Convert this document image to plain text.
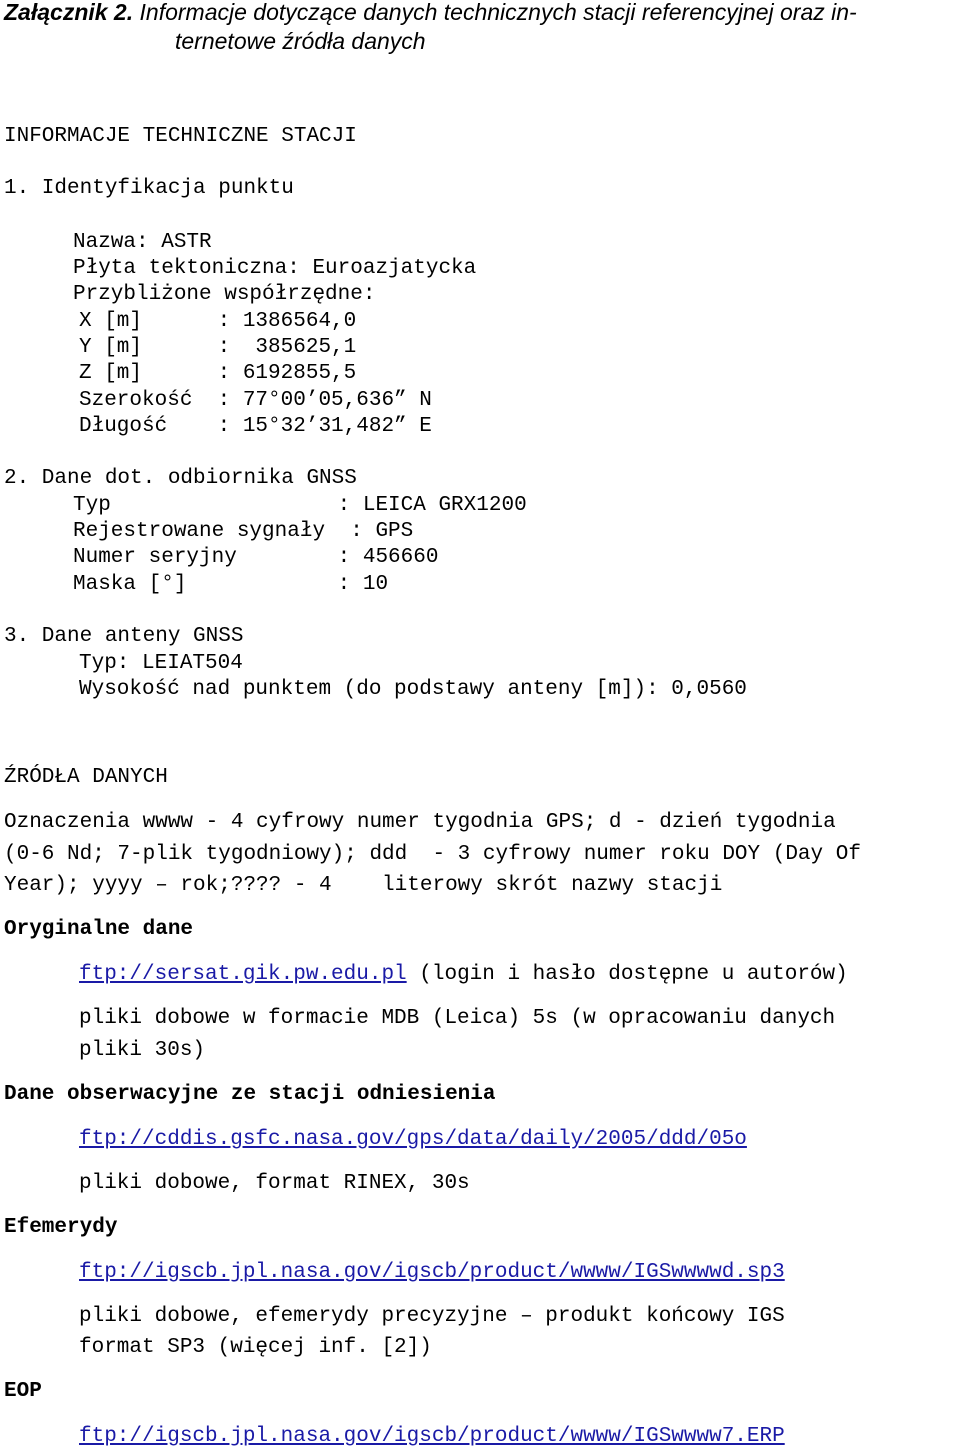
Załącznik 2. Informacje dotyczące danych technicznych stacji referencyjnej oraz in-
ternetowe źródła danych
INFORMACJE TECHNICZNE STACJI
1. Identyfikacja punktu
Nazwa: ASTR
Płyta tektoniczna: Euroazjatycka
Przybliżone współrzędne:
X [m]      : 1386564,0
Y [m]      :  385625,1
Z [m]      : 6192855,5
Szerokość  : 77°00’05,636” N
Długość    : 15°32’31,482” E
2. Dane dot. odbiornika GNSS
Typ                  : LEICA GRX1200
Rejestrowane sygnały  : GPS
Numer seryjny        : 456660
Maska [°]            : 10
3. Dane anteny GNSS
Typ: LEIAT504
Wysokość nad punktem (do podstawy anteny [m]): 0,0560
ŹRÓDŁA DANYCH
Oznaczenia wwww - 4 cyfrowy numer tygodnia GPS; d - dzień tygodnia
(0-6 Nd; 7-plik tygodniowy); ddd  - 3 cyfrowy numer roku DOY (Day Of
Year); yyyy – rok;???? - 4    literowy skrót nazwy stacji
Oryginalne dane
ftp://sersat.gik.pw.edu.pl (login i hasło dostępne u autorów)
pliki dobowe w formacie MDB (Leica) 5s (w opracowaniu danych
pliki 30s)
Dane obserwacyjne ze stacji odniesienia
ftp://cddis.gsfc.nasa.gov/gps/data/daily/2005/ddd/05o
pliki dobowe, format RINEX, 30s
Efemerydy
ftp://igscb.jpl.nasa.gov/igscb/product/wwww/IGSwwwwd.sp3
pliki dobowe, efemerydy precyzyjne – produkt końcowy IGS
format SP3 (więcej inf. [2])
EOP
ftp://igscb.jpl.nasa.gov/igscb/product/wwww/IGSwwww7.ERP
